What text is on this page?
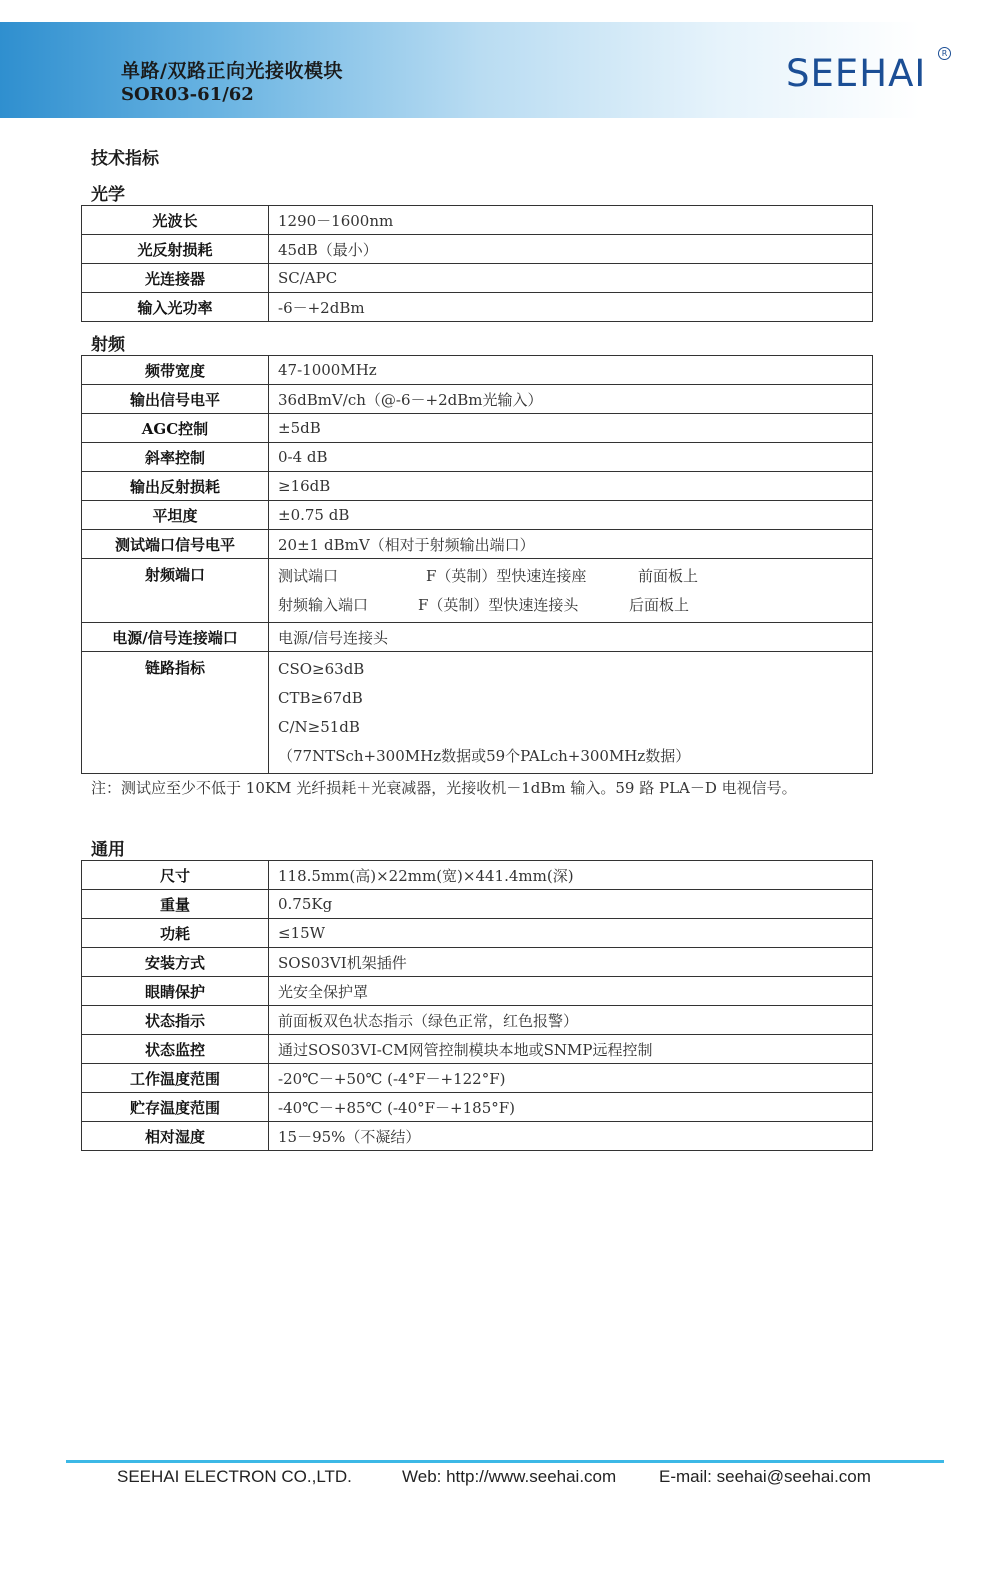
单路/双路正向光接收模块
SOR03-61/62	SEEHAI	R
技术指标
光学
光波长	1290－1600nm
光反射损耗	45dB（最小）
光连接器	SC/APC
输入光功率	-6－+2dBm
射频
频带宽度	47-1000MHz
输出信号电平	36dBmV/ch（@-6－+2dBm光输入）
AGC控制	±5dB
斜率控制	0-4 dB
输出反射损耗	≥16dB
平坦度	±0.75 dB
测试端口信号电平	20±1 dBmV（相对于射频输出端口）
射频端口	测试端口 F（英制）型快速连接座 前面板上
射频输入端口 F（英制）型快速连接头 后面板上

电源/信号连接端口	电源/信号连接头
链路指标	CSO≥63dB
CTB≥67dB
C/N≥51dB
（77NTSch+300MHz数据或59个PALch+300MHz数据）
注：测试应至少不低于 10KM 光纤损耗＋光衰减器，光接收机－1dBm 输入。59 路 PLA－D 电视信号。
通用
尺寸	118.5mm(高)×22mm(宽)×441.4mm(深)
重量	0.75Kg
功耗	≤15W
安装方式	SOS03VI机架插件
眼睛保护	光安全保护罩
状态指示	前面板双色状态指示（绿色正常，红色报警）
状态监控	通过SOS03VI-CM网管控制模块本地或SNMP远程控制
工作温度范围	-20℃－+50℃ (-4°F－+122°F)
贮存温度范围	-40℃－+85℃ (-40°F－+185°F)
相对湿度	15－95%（不凝结）
SEEHAI ELECTRON CO.,LTD.	Web: http://www.seehai.com	E-mail: seehai@seehai.com
